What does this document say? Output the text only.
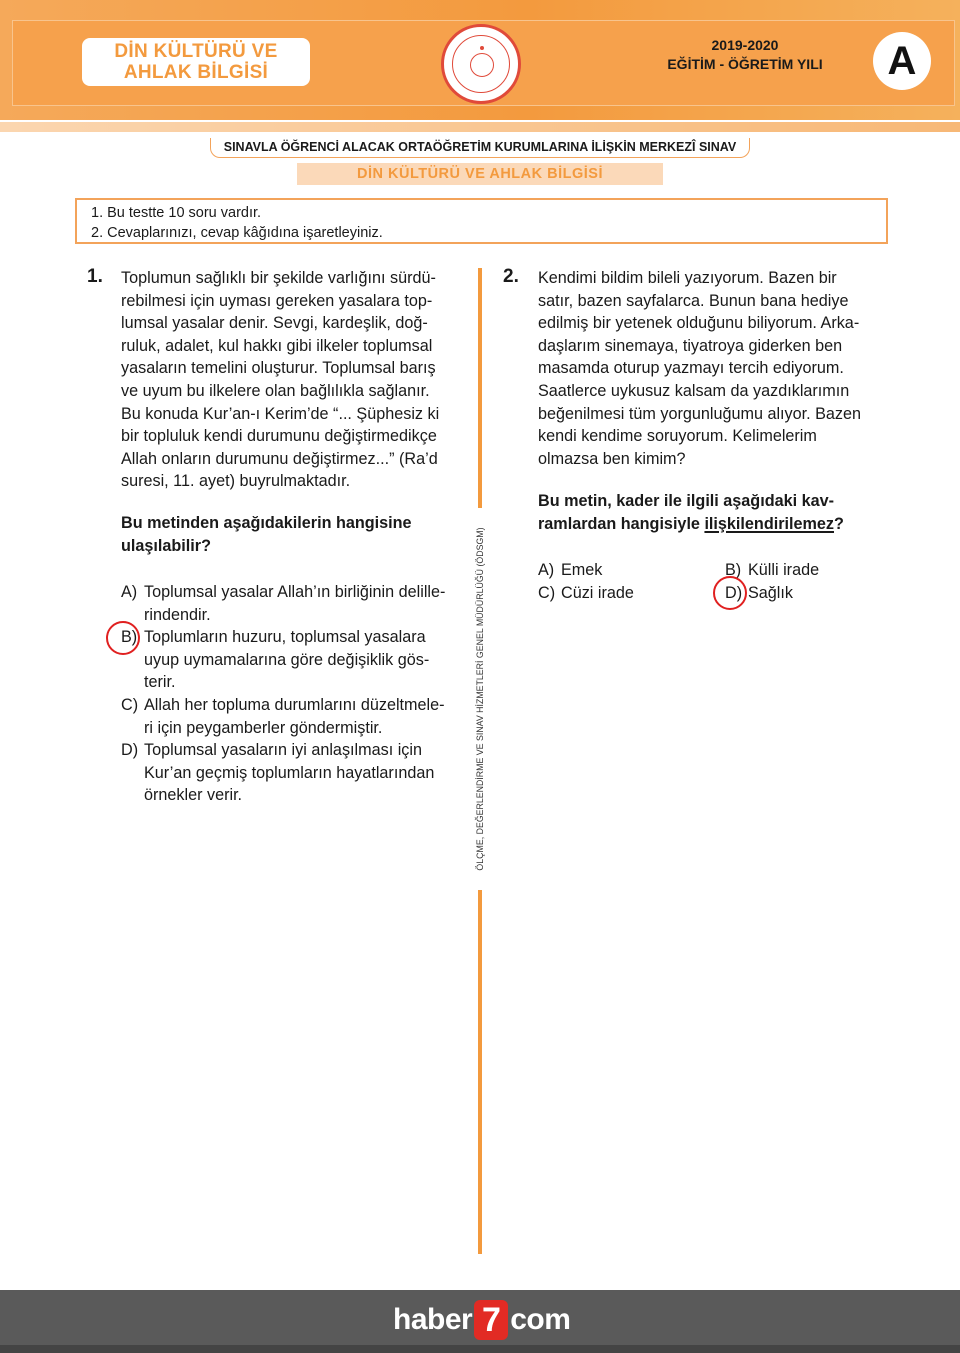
DİN KÜLTÜRÜ VE
AHLAK BİLGİSİ
2019-2020
EĞİTİM - ÖĞRETİM YILI	A
SINAVLA ÖĞRENCİ ALACAK ORTAÖĞRETİM KURUMLARINA İLİŞKİN MERKEZÎ SINAV
DİN KÜLTÜRÜ VE AHLAK BİLGİSİ
1. Bu testte 10 soru vardır.
2. Cevaplarınızı, cevap kâğıdına işaretleyiniz.
ÖLÇME, DEĞERLENDİRME VE SINAV HİZMETLERİ GENEL MÜDÜRLÜĞÜ (ÖDSGM)
1. Toplumun sağlıklı bir şekilde varlığını sürdü-

rebilmesi için uyması gereken yasalara top-

lumsal yasalar denir. Sevgi, kardeşlik, doğ-

ruluk, adalet, kul hakkı gibi ilkeler toplumsal

yasaların temelini oluşturur. Toplumsal barış

ve uyum bu ilkelere olan bağlılıkla sağlanır.

Bu konuda Kur’an-ı Kerim’de “... Şüphesiz ki

bir topluluk kendi durumunu değiştirmedikçe

Allah onların durumunu değiştirmez...” (Ra’d

suresi, 11. ayet) buyrulmaktadır.

Bu metinden aşağıdakilerin hangisine

ulaşılabilir?

A) Toplumsal yasalar Allah’ın birliğinin delille-
rindendir.
B) Toplumların huzuru, toplumsal yasalara
uyup uymamalarına göre değişiklik gös-
terir.
C) Allah her topluma durumlarını düzeltmele-
ri için peygamberler göndermiştir.
D) Toplumsal yasaların iyi anlaşılması için
Kur’an geçmiş toplumların hayatlarından
örnekler verir.
2. Kendimi bildim bileli yazıyorum. Bazen bir

satır, bazen sayfalarca. Bunun bana hediye

edilmiş bir yetenek olduğunu biliyorum. Arka-

daşlarım sinemaya, tiyatroya giderken ben

masamda oturup yazmayı tercih ediyorum.

Saatlerce uykusuz kalsam da yazdıklarımın

beğenilmesi tüm yorgunluğumu alıyor. Bazen

kendi kendime soruyorum. Kelimelerim

olmazsa ben kimim?

Bu metin, kader ile ilgili aşağıdaki kav-

ramlardan hangisiyle ilişkilendirilemez?

A) Emek	B) Külli irade
C) Cüzi irade	D) Sağlık
haber 7 com
